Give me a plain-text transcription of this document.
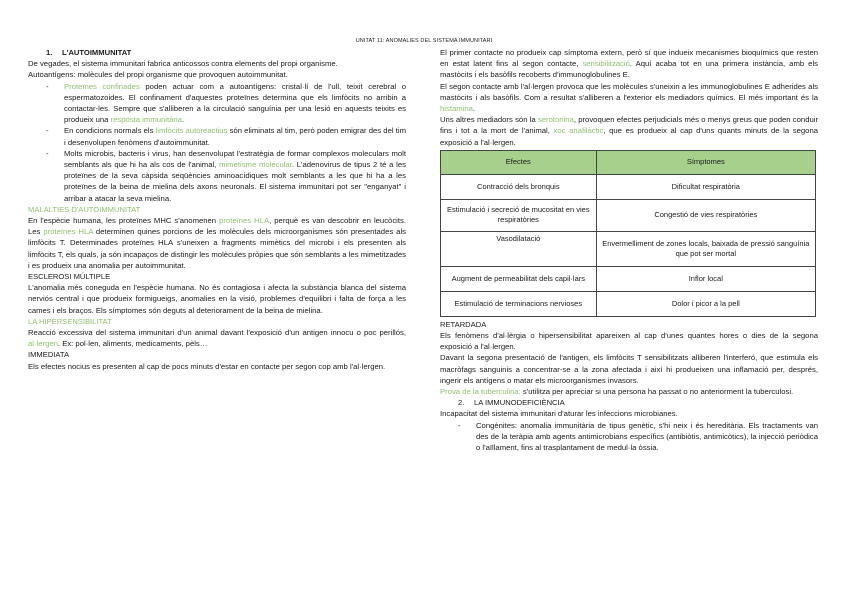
UNITAT 11: ANOMALIES DEL SISTEMA IMMUNITARI

1. L'AUTOIMMUNITAT

De vegades, el sistema immunitari fabrica anticossos contra elements del propi organisme.

Autoantígens: molècules del propi organisme que provoquen autoimmunitat.

- Proteïnes confinades poden actuar com a autoantígens: cristal·lí de l'ull, teixit cerebral o espermatozoides. El confinament d'aquestes proteïnes determina que els limfòcits no arribin a contactar-les. Sempre que s'alliberen a la circulació sanguínia per una lesió en aquests teixits es produeix una resposta immunitària.
- En condicions normals els limfòcits autoreactius són eliminats al tim, però poden emigrar des del tim i desenvolupen fenòmens d'autoimmunitat.
- Molts microbis, bacteris i virus, han desenvolupat l'estratègia de formar complexos moleculars molt semblants als que hi ha als cos de l'animal, mimetisme molecular. L'adenovirus de tipus 2 té a les proteïnes de la seva càpsida seqüències aminoacídiques molt semblants a les que hi ha a les proteïnes de la beina de mielina dels axons neuronals. El sistema immunitari pot ser "enganyat" i arribar a atacar la seva mielina.

MALALTIES D'AUTOIMMUNITAT

En l'espècie humana, les proteïnes MHC s'anomenen proteïnes HLA, perquè es van descobrir en leucòcits. Les proteïnes HLA determinen quines porcions de les molècules dels microorganismes són presentades als limfòcits T. Determinades proteïnes HLA s'uneixen a fragments mimètics del microbi i els presenten als limfòcits T, els quals, ja són incapaços de distingir les molècules pròpies que són semblants a les mimetitzades i es produeix una anomalia per autoimmunitat.

ESCLEROSI MÚLTIPLE

L'anomalia més coneguda en l'espècie humana. No és contagiosa i afecta la substància blanca del sistema nerviós central i que produeix formigueigs, anomalies en la visió, problemes d'equilibri i falta de força a les cames i els braços. Els símptomes són deguts al deteriorament de la beina de mielina.

LA HIPERSENSIBILITAT

Reacció excessiva del sistema immunitari d'un animal davant l'exposició d'un antigen innocu o poc perillós, al·lergen. Ex: pol·len, aliments, medicaments, pèls…

IMMEDIATA

Els efectes nocius es presenten al cap de pocs minuts d'estar en contacte per segon cop amb l'al·lergen.

El primer contacte no produeix cap símptoma extern, però sí que indueix mecanismes bioquímics que resten en estat latent fins al segon contacte, sensibilització. Aquí acaba tot en una primera instància, amb els mastòcits i els basòfils recoberts d'immunoglobulines E.

El segon contacte amb l'al·lergen provoca que les molècules s'uneixin a les immunoglobulines E adherides als mastòcits i als basòfils. Com a resultat s'alliberen a l'exterior els mediadors químics. El més important és la histamina.

Uns altres mediadors són la serotonina, provoquen efectes perjudicials més o menys greus que poden conduir fins i tot a la mort de l'animal, xoc anafilàctic, que es produeix al cap d'uns quants minuts de la segona exposició a l'al·lergen.

Efectes	Símptomes
Contracció dels bronquis	Dificultat respiratòria
Estimulació i secreció de mucositat en vies respiratòries	Congestió de vies respiratòries
Vasodilatació	Envermelliment de zones locals, baixada de pressió sanguínia que pot ser mortal
Augment de permeabilitat dels capil·lars	Inflor local
Estimulació de terminacions nervioses	Dolor i picor a la pell

RETARDADA

Els fenòmens d'al·lèrgia o hipersensibilitat apareixen al cap d'unes quantes hores o dies de la segona exposició a l'al·lergen.

Davant la segona presentació de l'antigen, els limfòcits T sensibilitzats alliberen l'interferó, que estimula els macròfags sanguinis a concentrar-se a la zona afectada i així hi produeixen una inflamació per, després, ingerir els antígens o matar els microorganismes invasors.

Prova de la tuberculina: s'utilitza per apreciar si una persona ha passat o no anteriorment la tuberculosi.

2. LA IMMUNODEFICIÈNCIA

Incapacitat del sistema immunitari d'aturar les infeccions microbianes.

- Congènites: anomalia immunitària de tipus genètic, s'hi neix i és hereditària. Els tractaments van des de la teràpia amb agents antimicrobians específics (antibiòtis, antimicòtics), la injecció periòdica o l'aïllament, fins al trasplantament de medul·la òssia.
